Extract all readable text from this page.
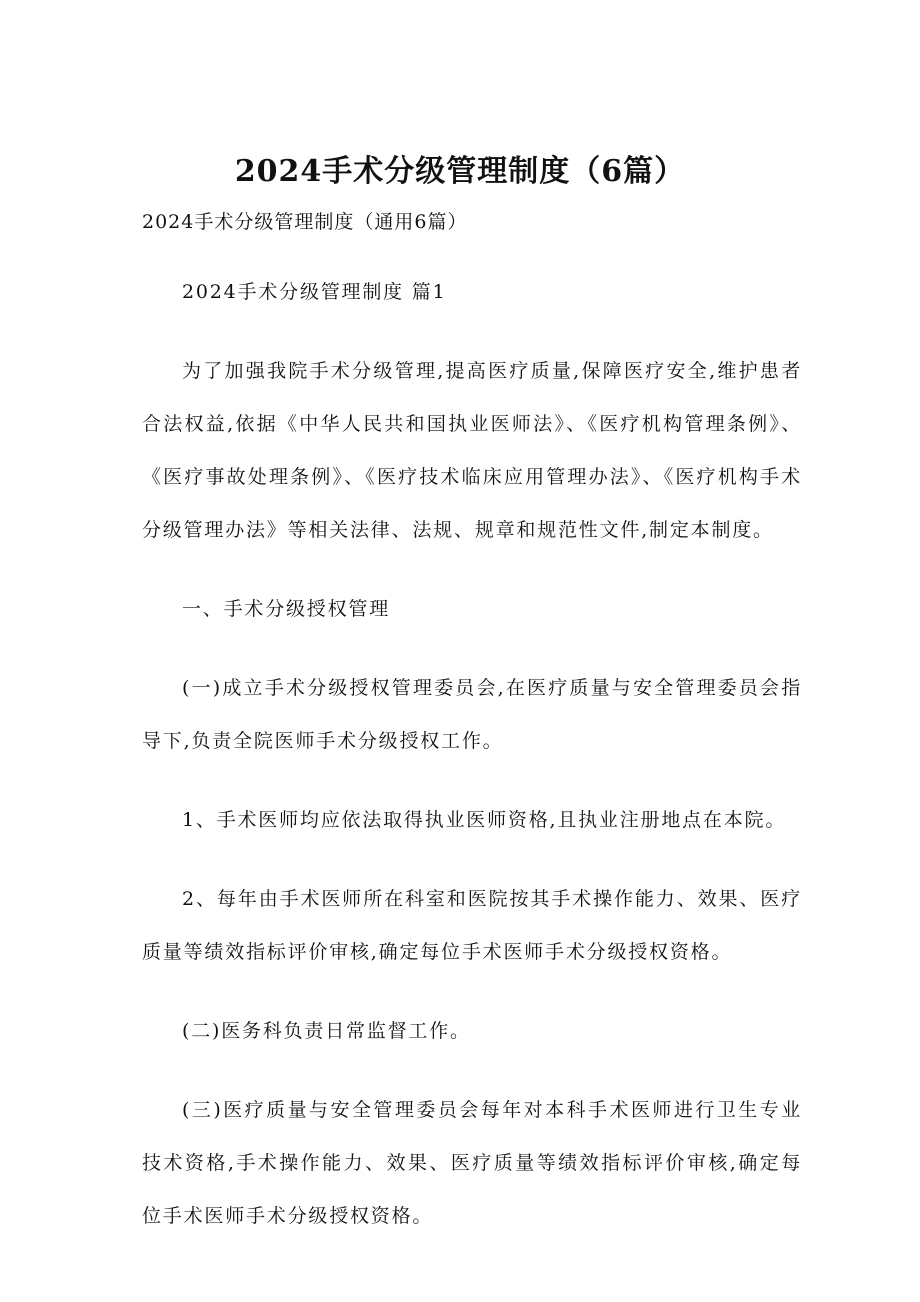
2024手术分级管理制度（6篇）

2024手术分级管理制度（通用6篇）

2024手术分级管理制度 篇1

为了加强我院手术分级管理,提高医疗质量,保障医疗安全,维护患者合法权益,依据《中华人民共和国执业医师法》、《医疗机构管理条例》、《医疗事故处理条例》、《医疗技术临床应用管理办法》、《医疗机构手术分级管理办法》等相关法律、法规、规章和规范性文件,制定本制度。

一、手术分级授权管理

(一)成立手术分级授权管理委员会,在医疗质量与安全管理委员会指导下,负责全院医师手术分级授权工作。

1、手术医师均应依法取得执业医师资格,且执业注册地点在本院。

2、每年由手术医师所在科室和医院按其手术操作能力、效果、医疗质量等绩效指标评价审核,确定每位手术医师手术分级授权资格。

(二)医务科负责日常监督工作。

(三)医疗质量与安全管理委员会每年对本科手术医师进行卫生专业技术资格,手术操作能力、效果、医疗质量等绩效指标评价审核,确定每位手术医师手术分级授权资格。
